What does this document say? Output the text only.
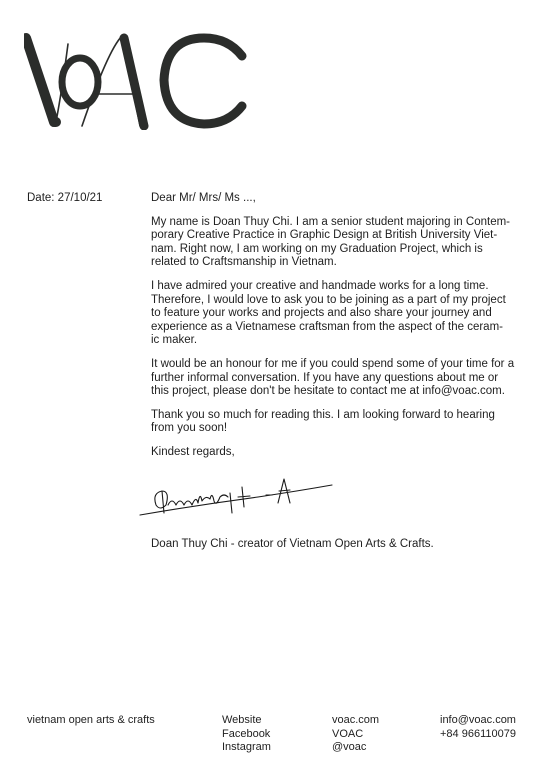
Date: 27/10/21	Dear Mr/ Mrs/ Ms ...,

My name is Doan Thuy Chi. I am a senior student majoring in Contem-
porary Creative Practice in Graphic Design at British University Viet-
nam. Right now, I am working on my Graduation Project, which is
related to Craftsmanship in Vietnam.

I have admired your creative and handmade works for a long time.
Therefore, I would love to ask you to be joining as a part of my project
to feature your works and projects and also share your journey and
experience as a Vietnamese craftsman from the aspect of the ceram-
ic maker.

It would be an honour for me if you could spend some of your time for a
further informal conversation. If you have any questions about me or
this project, please don't be hesitate to contact me at info@voac.com.

Thank you so much for reading this. I am looking forward to hearing
from you soon!

Kindest regards,

Doan Thuy Chi - creator of Vietnam Open Arts & Crafts.
vietnam open arts & crafts	Website
Facebook
Instagram
voac.com
VOAC
@voac
info@voac.com
+84 966110079
